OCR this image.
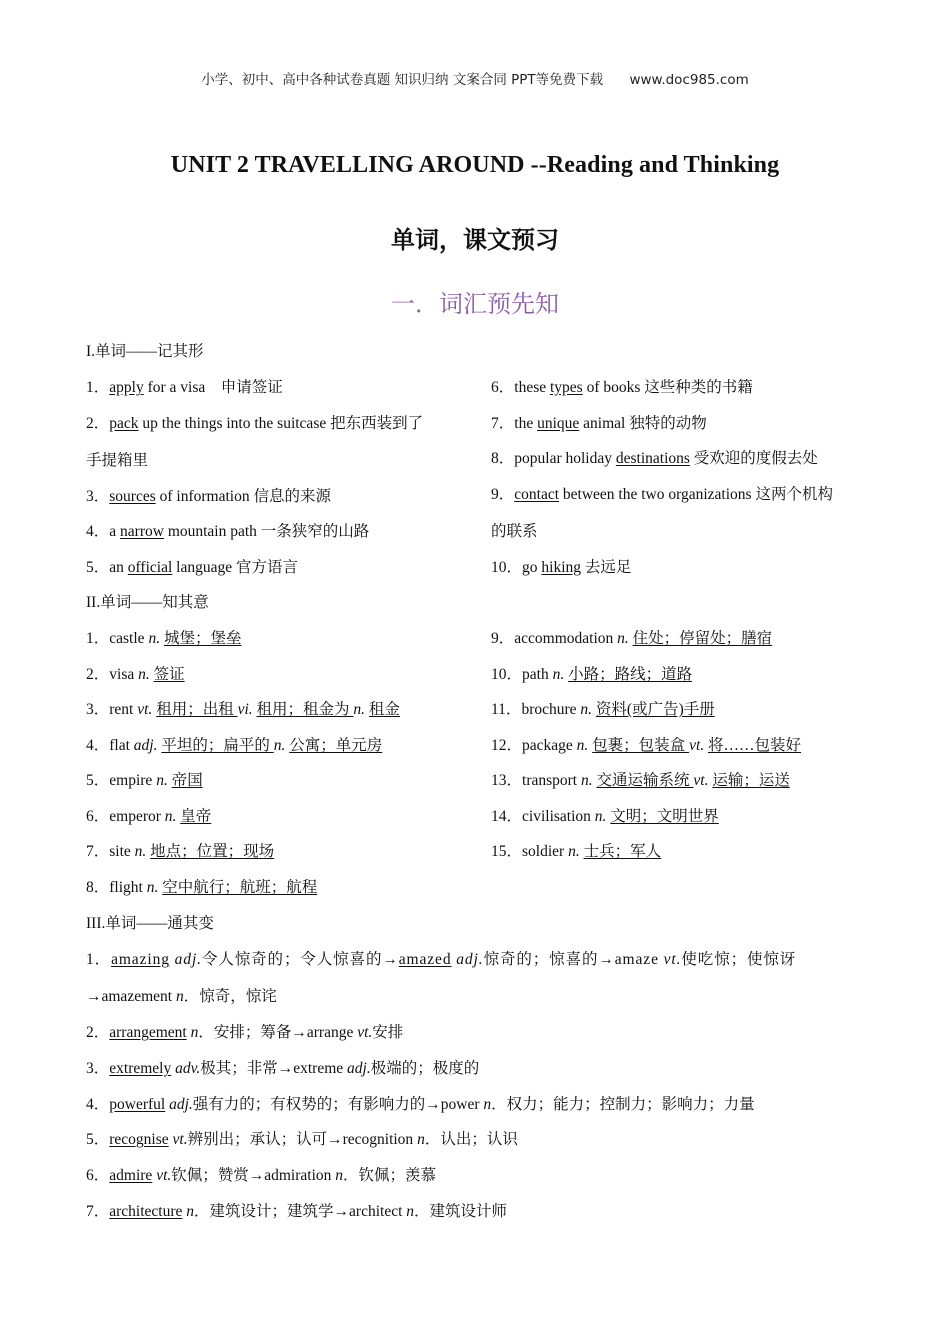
小学、初中、高中各种试卷真题 知识归纳 文案合同 PPT等免费下载 www.doc985.com
UNIT 2 TRAVELLING AROUND --Reading and Thinking
单词，课文预习
一．词汇预先知
I.单词——记其形
1．apply for a visa　申请签证
2．pack up the things into the suitcase 把东西装到了
手提箱里
3．sources of information 信息的来源
4．a narrow mountain path 一条狭窄的山路
5．an official language 官方语言
6．these types of books 这些种类的书籍
7．the unique animal 独特的动物
8．popular holiday destinations 受欢迎的度假去处
9．contact between the two organizations 这两个机构
的联系
10．go hiking 去远足
II.单词——知其意
1．castle n. 城堡；堡垒
2．visa n. 签证
3．rent vt. 租用；出租 vi. 租用；租金为 n. 租金
4．flat adj. 平坦的；扁平的 n. 公寓；单元房
5．empire n. 帝国
6．emperor n. 皇帝
7．site n. 地点；位置；现场
8．flight n. 空中航行；航班；航程
9．accommodation n. 住处；停留处；膳宿
10．path n. 小路；路线；道路
11．brochure n. 资料(或广告)手册
12．package n. 包裹；包装盒 vt. 将……包装好
13．transport n. 交通运输系统 vt. 运输；运送
14．civilisation n. 文明；文明世界
15．soldier n. 士兵；军人
III.单词——通其变
1．amazing adj.令人惊奇的；令人惊喜的→amazed adj.惊奇的；惊喜的→amaze vt.使吃惊；使惊讶
→amazement n．惊奇，惊诧
2．arrangement n．安排；筹备→arrange vt.安排
3．extremely adv.极其；非常→extreme adj.极端的；极度的
4．powerful adj.强有力的；有权势的；有影响力的→power n．权力；能力；控制力；影响力；力量
5．recognise vt.辨别出；承认；认可→recognition n．认出；认识
6．admire vt.钦佩；赞赏→admiration n．钦佩；羡慕
7．architecture n．建筑设计；建筑学→architect n．建筑设计师
